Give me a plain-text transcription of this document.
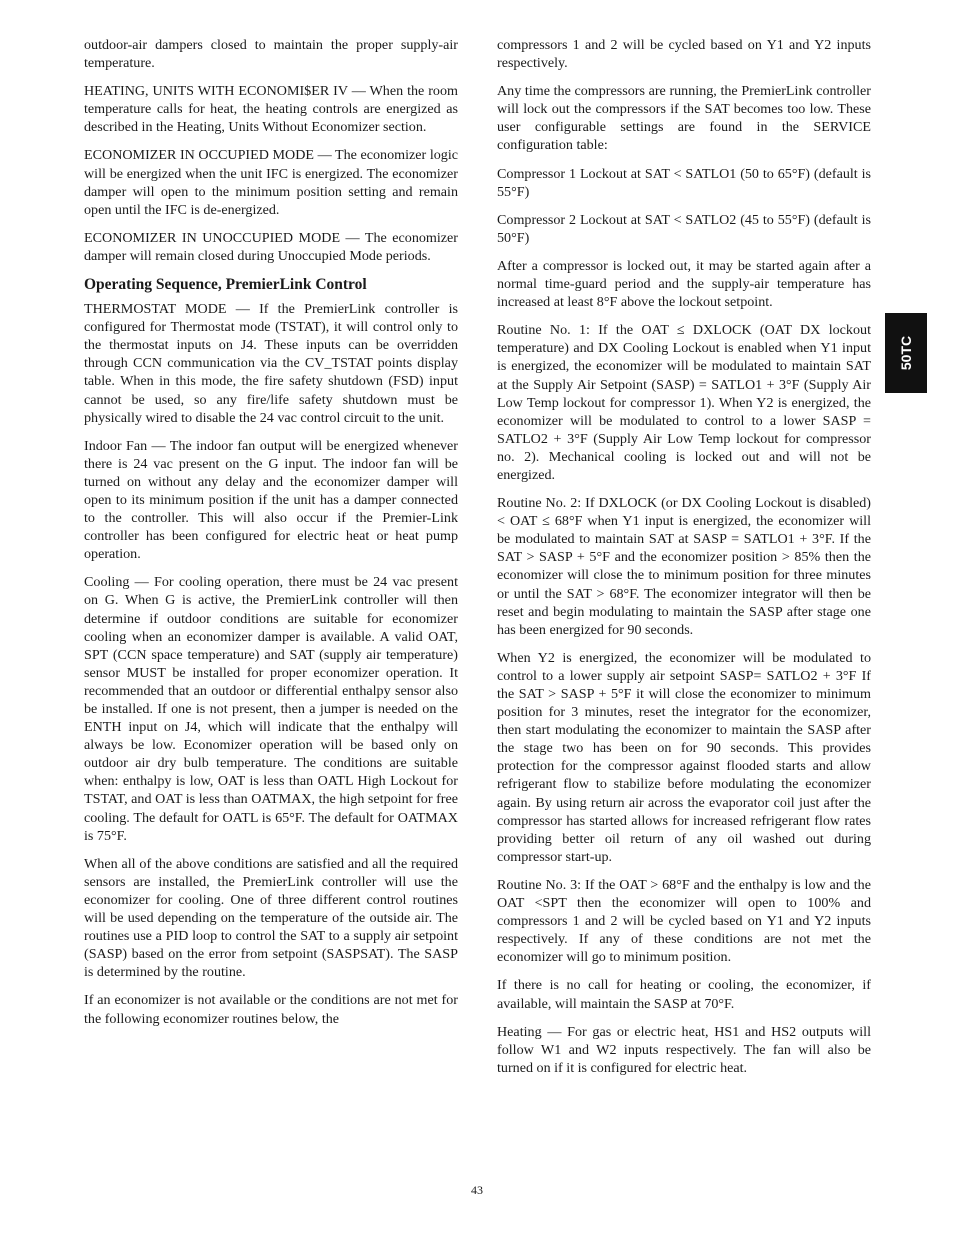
outdoor-air dampers closed to maintain the proper supply-air temperature.

HEATING, UNITS WITH ECONOMI$ER IV — When the room temperature calls for heat, the heating controls are energized as described in the Heating, Units Without Economizer section.

ECONOMIZER IN OCCUPIED MODE — The economizer logic will be energized when the unit IFC is energized. The economizer damper will open to the minimum position setting and remain open until the IFC is de-energized.

ECONOMIZER IN UNOCCUPIED MODE — The economizer damper will remain closed during Unoccupied Mode periods.

Operating Sequence, PremierLink Control

THERMOSTAT MODE — If the PremierLink controller is configured for Thermostat mode (TSTAT), it will control only to the thermostat inputs on J4. These inputs can be overridden through CCN communication via the CV_TSTAT points display table. When in this mode, the fire safety shutdown (FSD) input cannot be used, so any fire/life safety shutdown must be physically wired to disable the 24 vac control circuit to the unit.

Indoor Fan — The indoor fan output will be energized whenever there is 24 vac present on the G input. The indoor fan will be turned on without any delay and the economizer damper will open to its minimum position if the unit has a damper connected to the controller. This will also occur if the Premier-Link controller has been configured for electric heat or heat pump operation.

Cooling — For cooling operation, there must be 24 vac present on G. When G is active, the PremierLink controller will then determine if outdoor conditions are suitable for economizer cooling when an economizer damper is available. A valid OAT, SPT (CCN space temperature) and SAT (supply air temperature) sensor MUST be installed for proper economizer operation. It recommended that an outdoor or differential enthalpy sensor also be installed. If one is not present, then a jumper is needed on the ENTH input on J4, which will indicate that the enthalpy will always be low. Economizer operation will be based only on outdoor air dry bulb temperature. The conditions are suitable when: enthalpy is low, OAT is less than OATL High Lockout for TSTAT, and OAT is less than OATMAX, the high setpoint for free cooling. The default for OATL is 65°F. The default for OATMAX is 75°F.

When all of the above conditions are satisfied and all the required sensors are installed, the PremierLink controller will use the economizer for cooling. One of three different control routines will be used depending on the temperature of the outside air. The routines use a PID loop to control the SAT to a supply air setpoint (SASP) based on the error from setpoint (SASPSAT). The SASP is determined by the routine.

If an economizer is not available or the conditions are not met for the following economizer routines below, the

compressors 1 and 2 will be cycled based on Y1 and Y2 inputs respectively.

Any time the compressors are running, the PremierLink controller will lock out the compressors if the SAT becomes too low. These user configurable settings are found in the SERVICE configuration table:

Compressor 1 Lockout at SAT < SATLO1 (50 to 65°F) (default is 55°F)

Compressor 2 Lockout at SAT < SATLO2 (45 to 55°F) (default is 50°F)

After a compressor is locked out, it may be started again after a normal time-guard period and the supply-air temperature has increased at least 8°F above the lockout setpoint.

Routine No. 1: If the OAT ≤ DXLOCK (OAT DX lockout temperature) and DX Cooling Lockout is enabled when Y1 input is energized, the economizer will be modulated to maintain SAT at the Supply Air Setpoint (SASP) = SATLO1 + 3°F (Supply Air Low Temp lockout for compressor 1). When Y2 is energized, the economizer will be modulated to control to a lower SASP = SATLO2 + 3°F (Supply Air Low Temp lockout for compressor no. 2). Mechanical cooling is locked out and will not be energized.

Routine No. 2: If DXLOCK (or DX Cooling Lockout is disabled) < OAT ≤ 68°F when Y1 input is energized, the economizer will be modulated to maintain SAT at SASP = SATLO1 + 3°F. If the SAT > SASP + 5°F and the economizer position > 85% then the economizer will close the to minimum position for three minutes or until the SAT > 68°F. The economizer integrator will then be reset and begin modulating to maintain the SASP after stage one has been energized for 90 seconds.

When Y2 is energized, the economizer will be modulated to control to a lower supply air setpoint SASP= SATLO2 + 3°F If the SAT > SASP + 5°F it will close the economizer to minimum position for 3 minutes, reset the integrator for the economizer, then start modulating the economizer to maintain the SASP after the stage two has been on for 90 seconds. This provides protection for the compressor against flooded starts and allow refrigerant flow to stabilize before modulating the economizer again. By using return air across the evaporator coil just after the compressor has started allows for increased refrigerant flow rates providing better oil return of any oil washed out during compressor start-up.

Routine No. 3: If the OAT > 68°F and the enthalpy is low and the OAT <SPT then the economizer will open to 100% and compressors 1 and 2 will be cycled based on Y1 and Y2 inputs respectively. If any of these conditions are not met the economizer will go to minimum position.

If there is no call for heating or cooling, the economizer, if available, will maintain the SASP at 70°F.

Heating — For gas or electric heat, HS1 and HS2 outputs will follow W1 and W2 inputs respectively. The fan will also be turned on if it is configured for electric heat.

50TC
43
